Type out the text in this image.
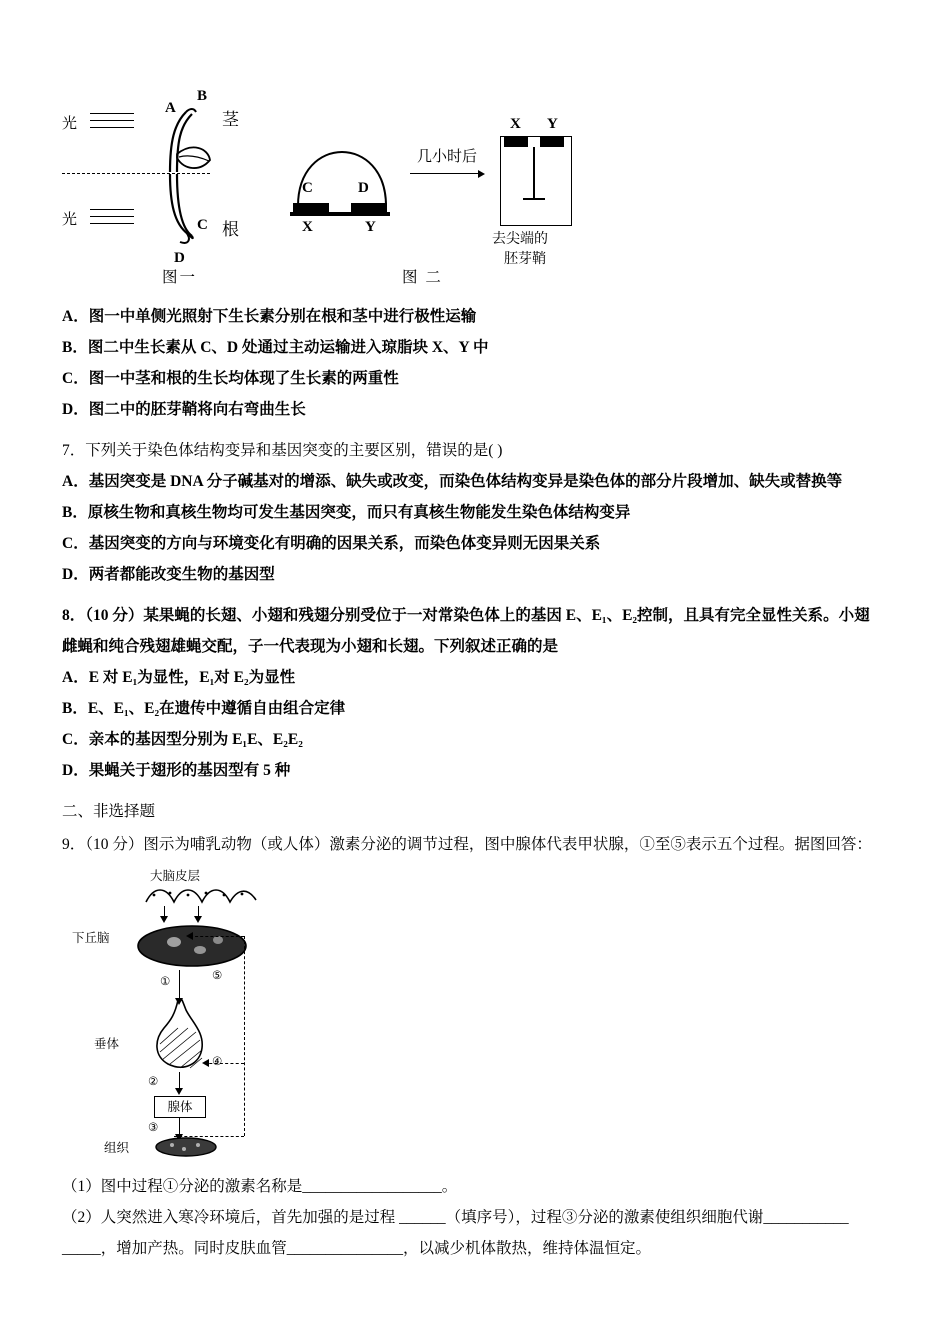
光
光
A
B
C
D
茎
根
C	D
X	Y
几小时后
X Y
去尖端的
胚芽鞘
图一	图 二

A．图一中单侧光照射下生长素分别在根和茎中进行极性运输

B．图二中生长素从 C、D 处通过主动运输进入琼脂块 X、Y 中

C．图一中茎和根的生长均体现了生长素的两重性

D．图二中的胚芽鞘将向右弯曲生长

7．下列关于染色体结构变异和基因突变的主要区别，错误的是( )

A．基因突变是 DNA 分子碱基对的增添、缺失或改变，而染色体结构变异是染色体的部分片段增加、缺失或替换等

B．原核生物和真核生物均可发生基因突变，而只有真核生物能发生染色体结构变异

C．基因突变的方向与环境变化有明确的因果关系，而染色体变异则无因果关系

D．两者都能改变生物的基因型

8．（10 分）某果蝇的长翅、小翅和残翅分别受位于一对常染色体上的基因 E、E₁、E₂控制，且具有完全显性关系。小翅

雌蝇和纯合残翅雄蝇交配，子一代表现为小翅和长翅。下列叙述正确的是

A．E 对 E₁为显性，E₁对 E₂为显性

B．E、E₁、E₂在遗传中遵循自由组合定律

C．亲本的基因型分别为 E₁E、E₂E₂

D．果蝇关于翅形的基因型有 5 种

二、非选择题

9．（10 分）图示为哺乳动物（或人体）激素分泌的调节过程，图中腺体代表甲状腺，①至⑤表示五个过程。据图回答：

大脑皮层
下丘脑
①	⑤
垂体
④
②
腺体
③
组织

（1）图中过程①分泌的激素名称是__________________。

（2）人突然进入寒冷环境后，首先加强的是过程 ______（填序号），过程③分泌的激素使组织细胞代谢___________

_____，增加产热。同时皮肤血管_______________，以减少机体散热，维持体温恒定。
